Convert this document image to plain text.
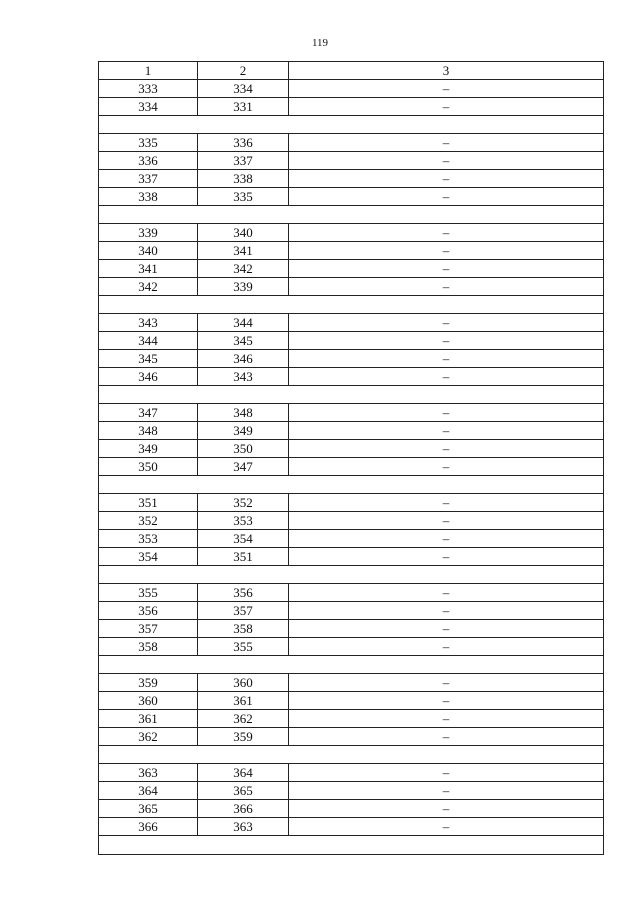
119
1	2	3
333	334	–
334	331	–

335	336	–
336	337	–
337	338	–
338	335	–

339	340	–
340	341	–
341	342	–
342	339	–

343	344	–
344	345	–
345	346	–
346	343	–

347	348	–
348	349	–
349	350	–
350	347	–

351	352	–
352	353	–
353	354	–
354	351	–

355	356	–
356	357	–
357	358	–
358	355	–

359	360	–
360	361	–
361	362	–
362	359	–

363	364	–
364	365	–
365	366	–
366	363	–
